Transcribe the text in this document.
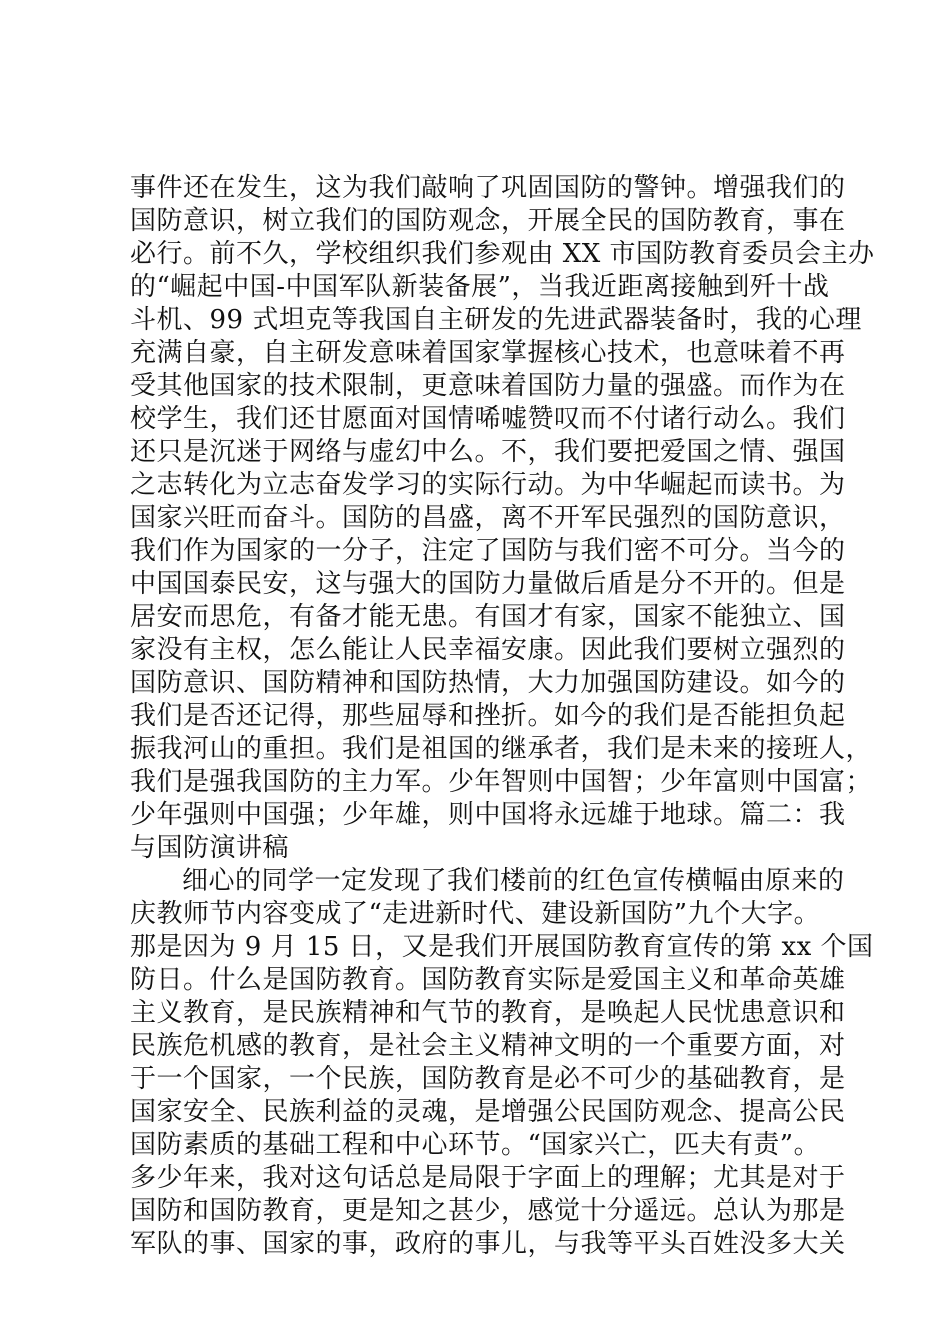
事件还在发生，这为我们敲响了巩固国防的警钟。增强我们的
国防意识，树立我们的国防观念，开展全民的国防教育，事在
必行。前不久，学校组织我们参观由 XX 市国防教育委员会主办
的“崛起中国-中国军队新装备展”，当我近距离接触到歼十战
斗机、99 式坦克等我国自主研发的先进武器装备时，我的心理
充满自豪，自主研发意味着国家掌握核心技术，也意味着不再
受其他国家的技术限制，更意味着国防力量的强盛。而作为在
校学生，我们还甘愿面对国情唏嘘赞叹而不付诸行动么。我们
还只是沉迷于网络与虚幻中么。不，我们要把爱国之情、强国
之志转化为立志奋发学习的实际行动。为中华崛起而读书。为
国家兴旺而奋斗。国防的昌盛，离不开军民强烈的国防意识，
我们作为国家的一分子，注定了国防与我们密不可分。当今的
中国国泰民安，这与强大的国防力量做后盾是分不开的。但是
居安而思危，有备才能无患。有国才有家，国家不能独立、国
家没有主权，怎么能让人民幸福安康。因此我们要树立强烈的
国防意识、国防精神和国防热情，大力加强国防建设。如今的
我们是否还记得，那些屈辱和挫折。如今的我们是否能担负起
振我河山的重担。我们是祖国的继承者，我们是未来的接班人，
我们是强我国防的主力军。少年智则中国智；少年富则中国富；
少年强则中国强；少年雄，则中国将永远雄于地球。篇二：我
与国防演讲稿
细心的同学一定发现了我们楼前的红色宣传横幅由原来的
庆教师节内容变成了“走进新时代、建设新国防”九个大字。
那是因为 9 月 15 日，又是我们开展国防教育宣传的第 xx 个国
防日。什么是国防教育。国防教育实际是爱国主义和革命英雄
主义教育，是民族精神和气节的教育，是唤起人民忧患意识和
民族危机感的教育，是社会主义精神文明的一个重要方面，对
于一个国家，一个民族，国防教育是必不可少的基础教育，是
国家安全、民族利益的灵魂，是增强公民国防观念、提高公民
国防素质的基础工程和中心环节。“国家兴亡，匹夫有责”。
多少年来，我对这句话总是局限于字面上的理解；尤其是对于
国防和国防教育，更是知之甚少，感觉十分遥远。总认为那是
军队的事、国家的事，政府的事儿，与我等平头百姓没多大关
